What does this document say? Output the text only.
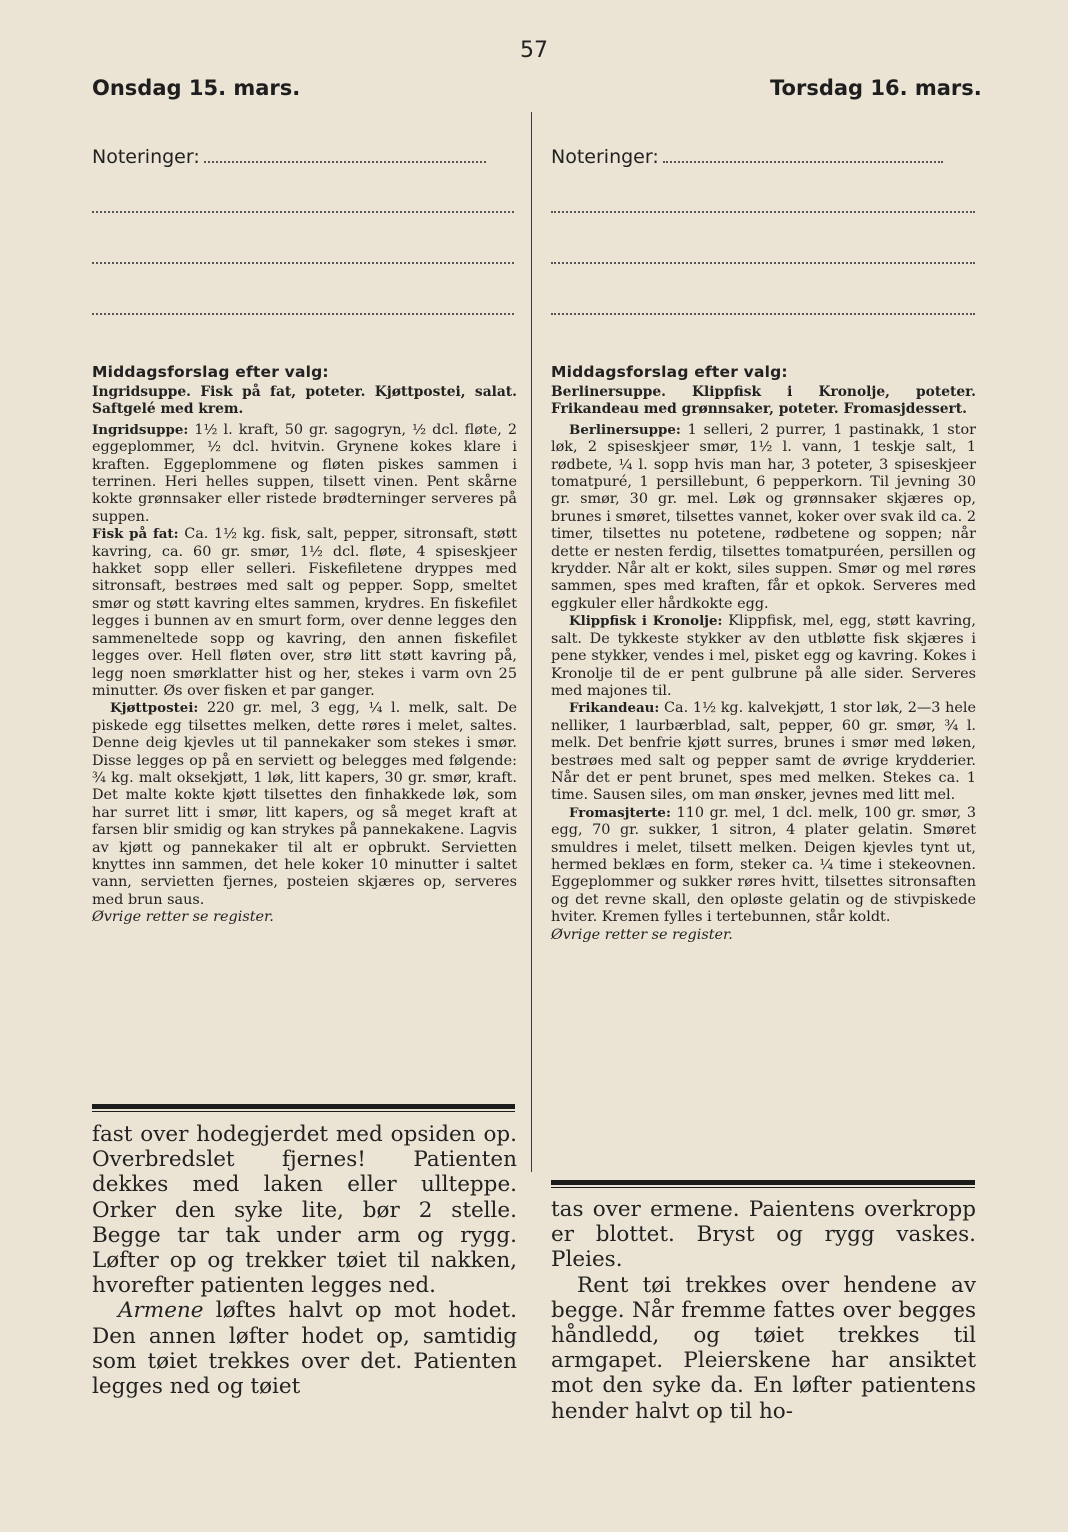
57
Onsdag 15. mars.
Noteringer:
Middagsforslag efter valg:

Ingridsuppe. Fisk på fat, poteter. Kjøttpostei, salat. Saftgelé med krem.

Ingridsuppe: 1½ l. kraft, 50 gr. sagogryn, ½ dcl. fløte, 2 eggeplommer, ½ dcl. hvitvin. Grynene kokes klare i kraften. Eggeplommene og fløten piskes sammen i terrinen. Heri helles suppen, tilsett vinen. Pent skårne kokte grønnsaker eller ristede brødterninger serveres på suppen.

Fisk på fat: Ca. 1½ kg. fisk, salt, pepper, sitronsaft, støtt kavring, ca. 60 gr. smør, 1½ dcl. fløte, 4 spiseskjeer hakket sopp eller selleri. Fiskefiletene dryppes med sitronsaft, bestrøes med salt og pepper. Sopp, smeltet smør og støtt kavring eltes sammen, krydres. En fiskefilet legges i bunnen av en smurt form, over denne legges den sammeneltede sopp og kavring, den annen fiskefilet legges over. Hell fløten over, strø litt støtt kavring på, legg noen smørklatter hist og her, stekes i varm ovn 25 minutter. Øs over fisken et par ganger.

Kjøttpostei: 220 gr. mel, 3 egg, ¼ l. melk, salt. De piskede egg tilsettes melken, dette røres i melet, saltes. Denne deig kjevles ut til pannekaker som stekes i smør. Disse legges op på en serviett og belegges med følgende: ¾ kg. malt oksekjøtt, 1 løk, litt kapers, 30 gr. smør, kraft. Det malte kokte kjøtt tilsettes den finhakkede løk, som har surret litt i smør, litt kapers, og så meget kraft at farsen blir smidig og kan strykes på pannekakene. Lagvis av kjøtt og pannekaker til alt er opbrukt. Servietten knyttes inn sammen, det hele koker 10 minutter i saltet vann, servietten fjernes, posteien skjæres op, serveres med brun saus.

Øvrige retter se register.

fast over hodegjerdet med opsiden op. Overbredslet fjernes! Patienten dekkes med laken eller ullteppe. Orker den syke lite, bør 2 stelle. Begge tar tak under arm og rygg. Løfter op og trekker tøiet til nakken, hvorefter patienten legges ned.

Armene løftes halvt op mot hodet. Den annen løfter hodet op, samtidig som tøiet trekkes over det. Patienten legges ned og tøiet

Torsdag 16. mars.
Noteringer:
Middagsforslag efter valg:

Berlinersuppe. Klippfisk i Kronolje, poteter. Frikandeau med grønnsaker, poteter. Fromasjdessert.

Berlinersuppe: 1 selleri, 2 purrer, 1 pastinakk, 1 stor løk, 2 spiseskjeer smør, 1½ l. vann, 1 teskje salt, 1 rødbete, ¼ l. sopp hvis man har, 3 poteter, 3 spiseskjeer tomatpuré, 1 persillebunt, 6 pepperkorn. Til jevning 30 gr. smør, 30 gr. mel. Løk og grønnsaker skjæres op, brunes i smøret, tilsettes vannet, koker over svak ild ca. 2 timer, tilsettes nu potetene, rødbetene og soppen; når dette er nesten ferdig, tilsettes tomatpuréen, persillen og krydder. Når alt er kokt, siles suppen. Smør og mel røres sammen, spes med kraften, får et opkok. Serveres med eggkuler eller hårdkokte egg.

Klippfisk i Kronolje: Klippfisk, mel, egg, støtt kavring, salt. De tykkeste stykker av den utbløtte fisk skjæres i pene stykker, vendes i mel, pisket egg og kavring. Kokes i Kronolje til de er pent gulbrune på alle sider. Serveres med majones til.

Frikandeau: Ca. 1½ kg. kalvekjøtt, 1 stor løk, 2—3 hele nelliker, 1 laurbærblad, salt, pepper, 60 gr. smør, ¾ l. melk. Det benfrie kjøtt surres, brunes i smør med løken, bestrøes med salt og pepper samt de øvrige krydderier. Når det er pent brunet, spes med melken. Stekes ca. 1 time. Sausen siles, om man ønsker, jevnes med litt mel.

Fromasjterte: 110 gr. mel, 1 dcl. melk, 100 gr. smør, 3 egg, 70 gr. sukker, 1 sitron, 4 plater gelatin. Smøret smuldres i melet, tilsett melken. Deigen kjevles tynt ut, hermed beklæs en form, steker ca. ¼ time i stekeovnen. Eggeplommer og sukker røres hvitt, tilsettes sitronsaften og det revne skall, den opløste gelatin og de stivpiskede hviter. Kremen fylles i tertebunnen, står koldt.

Øvrige retter se register.

tas over ermene. Paientens overkropp er blottet. Bryst og rygg vaskes. Pleies.

Rent tøi trekkes over hendene av begge. Når fremme fattes over begges håndledd, og tøiet trekkes til armgapet. Pleierskene har ansiktet mot den syke da. En løfter patientens hender halvt op til ho-
